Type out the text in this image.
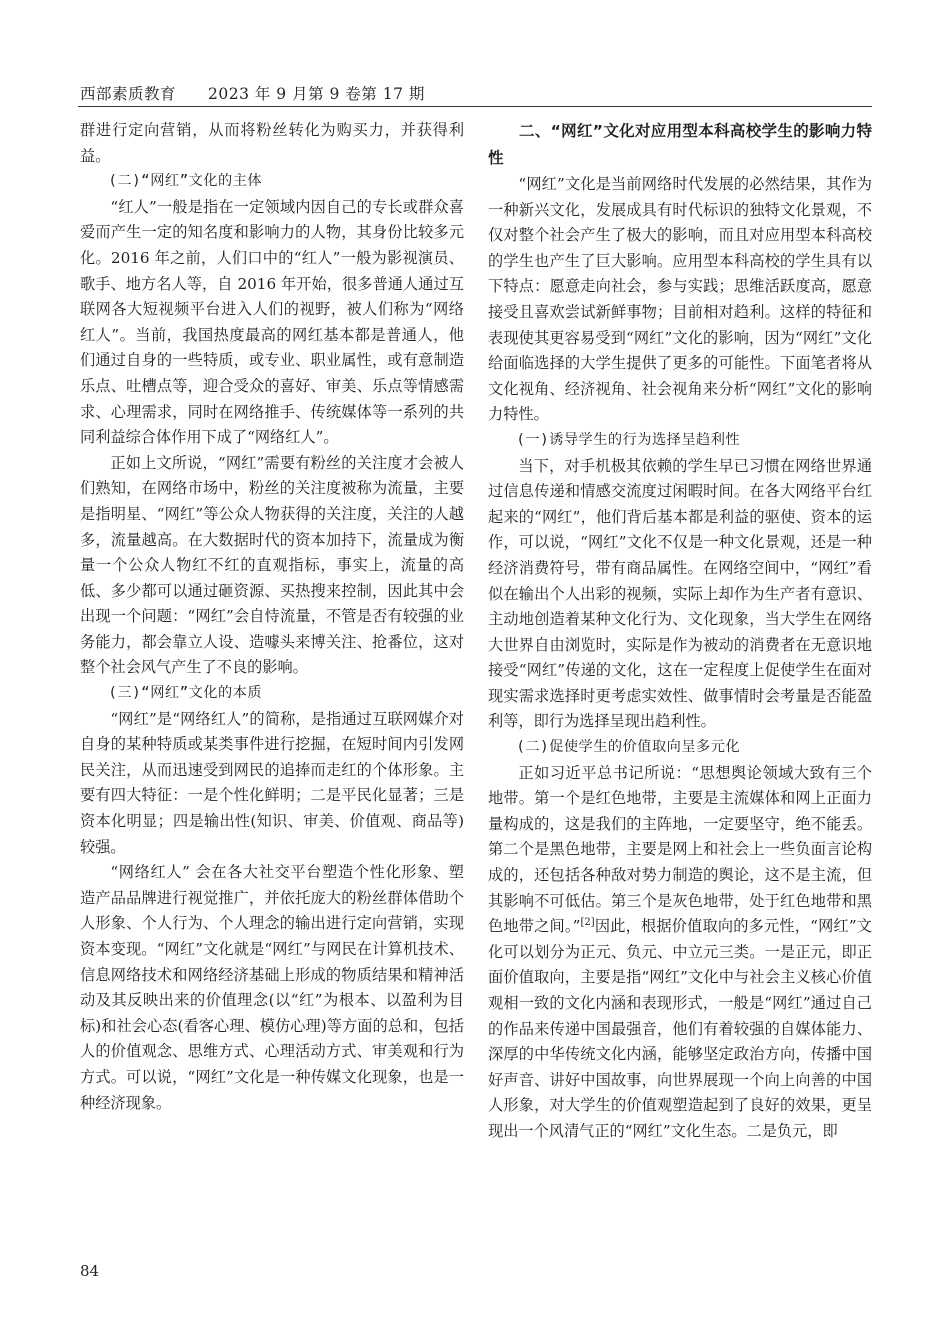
西部素质教育　 2023 年 9 月第 9 卷第 17 期

群进行定向营销，从而将粉丝转化为购买力，并获得利益。

(二)“网红”文化的主体

“红人”一般是指在一定领域内因自己的专长或群众喜爱而产生一定的知名度和影响力的人物，其身份比较多元化。2016 年之前，人们口中的“红人”一般为影视演员、歌手、地方名人等，自 2016 年开始，很多普通人通过互联网各大短视频平台进入人们的视野，被人们称为“网络红人”。当前，我国热度最高的网红基本都是普通人，他们通过自身的一些特质，或专业、职业属性，或有意制造乐点、吐槽点等，迎合受众的喜好、审美、乐点等情感需求、心理需求，同时在网络推手、传统媒体等一系列的共同利益综合体作用下成了“网络红人”。

正如上文所说，“网红”需要有粉丝的关注度才会被人们熟知，在网络市场中，粉丝的关注度被称为流量，主要是指明星、“网红”等公众人物获得的关注度，关注的人越多，流量越高。在大数据时代的资本加持下，流量成为衡量一个公众人物红不红的直观指标，事实上，流量的高低、多少都可以通过砸资源、买热搜来控制，因此其中会出现一个问题：“网红”会自恃流量，不管是否有较强的业务能力，都会靠立人设、造噱头来博关注、抢番位，这对整个社会风气产生了不良的影响。

(三)“网红”文化的本质

“网红”是“网络红人”的简称，是指通过互联网媒介对自身的某种特质或某类事件进行挖掘，在短时间内引发网民关注，从而迅速受到网民的追捧而走红的个体形象。主要有四大特征：一是个性化鲜明；二是平民化显著；三是资本化明显；四是输出性(知识、审美、价值观、商品等)较强。

“网络红人” 会在各大社交平台塑造个性化形象、塑造产品品牌进行视觉推广，并依托庞大的粉丝群体借助个人形象、个人行为、个人理念的输出进行定向营销，实现资本变现。“网红”文化就是“网红”与网民在计算机技术、信息网络技术和网络经济基础上形成的物质结果和精神活动及其反映出来的价值理念(以“红”为根本、以盈利为目标)和社会心态(看客心理、模仿心理)等方面的总和，包括人的价值观念、思维方式、心理活动方式、审美观和行为方式。可以说，“网红”文化是一种传媒文化现象，也是一种经济现象。

二、“网红”文化对应用型本科高校学生的影响力特性

“网红”文化是当前网络时代发展的必然结果，其作为一种新兴文化，发展成具有时代标识的独特文化景观，不仅对整个社会产生了极大的影响，而且对应用型本科高校的学生也产生了巨大影响。应用型本科高校的学生具有以下特点：愿意走向社会，参与实践；思维活跃度高，愿意接受且喜欢尝试新鲜事物；目前相对趋利。这样的特征和表现使其更容易受到“网红”文化的影响，因为“网红”文化给面临选择的大学生提供了更多的可能性。下面笔者将从文化视角、经济视角、社会视角来分析“网红”文化的影响力特性。

(一)诱导学生的行为选择呈趋利性

当下，对手机极其依赖的学生早已习惯在网络世界通过信息传递和情感交流度过闲暇时间。在各大网络平台红起来的“网红”，他们背后基本都是利益的驱使、资本的运作，可以说，“网红”文化不仅是一种文化景观，还是一种经济消费符号，带有商品属性。在网络空间中，“网红”看似在输出个人出彩的视频，实际上却作为生产者有意识、主动地创造着某种文化行为、文化现象，当大学生在网络大世界自由浏览时，实际是作为被动的消费者在无意识地接受“网红”传递的文化，这在一定程度上促使学生在面对现实需求选择时更考虑实效性、做事情时会考量是否能盈利等，即行为选择呈现出趋利性。

(二)促使学生的价值取向呈多元化

正如习近平总书记所说：“思想舆论领域大致有三个地带。第一个是红色地带，主要是主流媒体和网上正面力量构成的，这是我们的主阵地，一定要坚守，绝不能丢。第二个是黑色地带，主要是网上和社会上一些负面言论构成的，还包括各种敌对势力制造的舆论，这不是主流，但其影响不可低估。第三个是灰色地带，处于红色地带和黑色地带之间。”[2]因此，根据价值取向的多元性，“网红”文化可以划分为正元、负元、中立元三类。一是正元，即正面价值取向，主要是指“网红”文化中与社会主义核心价值观相一致的文化内涵和表现形式，一般是“网红”通过自己的作品来传递中国最强音，他们有着较强的自媒体能力、深厚的中华传统文化内涵，能够坚定政治方向，传播中国好声音、讲好中国故事，向世界展现一个向上向善的中国人形象，对大学生的价值观塑造起到了良好的效果，更呈现出一个风清气正的“网红”文化生态。二是负元，即

84
